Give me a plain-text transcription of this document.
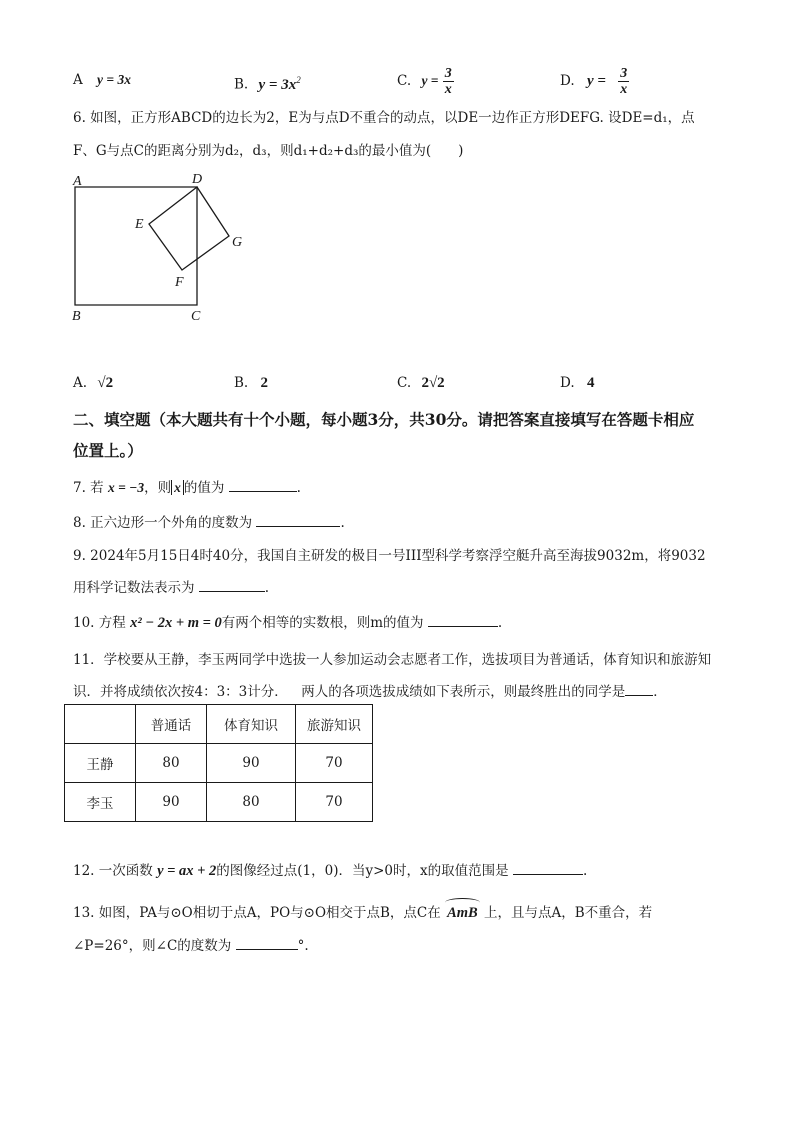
A y = 3x	B. $y = 3x^2$	C. $y = \frac{3}{x}$	D. $y = \frac{3}{x}$
6. 如图，正方形ABCD的边长为2，E为与点D不重合的动点，以DE一边作正方形DEFG. 设DE=d₁，点
F、G与点C的距离分别为d₂，d₃，则d₁+d₂+d₃的最小值为(  )
A	D
E
G
F
B	C
A. √2	B. 2	C. 2√2	D. 4
二、填空题（本大题共有十个小题，每小题3分，共30分。请把答案直接填写在答题卡相应
位置上。）
7. 若 x = −3，则 x 的值为	.
8. 正六边形一个外角的度数为	.
9. 2024年5月15日4时40分，我国自主研发的极目一号III型科学考察浮空艇升高至海拔9032m，将9032
用科学记数法表示为	.
10. 方程 x² − 2x + m = 0有两个相等的实数根，则m的值为	.
11．学校要从王静，李玉两同学中选拔一人参加运动会志愿者工作，选拔项目为普通话，体育知识和旅游知
识．并将成绩依次按4：3：3计分． 两人的各项选拔成绩如下表所示，则最终胜出的同学是 ．
	普通话	体育知识	旅游知识
王静	80	90	70
李玉	90	80	70
12. 一次函数 y = ax + 2的图像经过点(1，0)．当y>0时，x的取值范围是	.
13. 如图，PA与⊙O相切于点A，PO与⊙O相交于点B，点C在 AmB 上，且与点A，B不重合，若
∠P=26°，则∠C的度数为	°.
